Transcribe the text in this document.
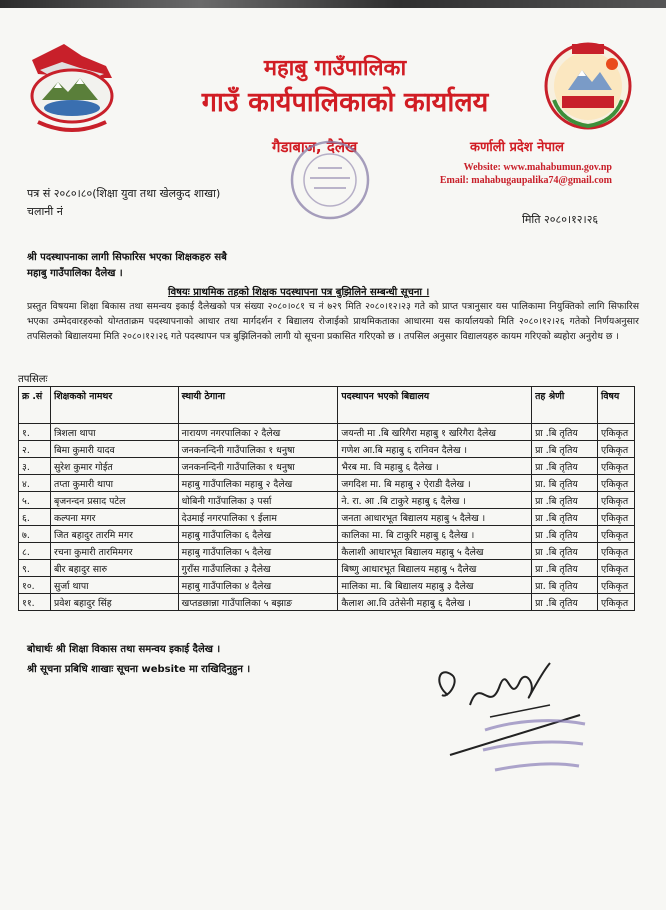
महाबु गाउँपालिका
गाउँ कार्यपालिकाको कार्यालय
गैडाबाज, दैलेख	कर्णाली प्रदेश नेपाल
Website: www.mahabumun.gov.np
Email: mahabugaupalika74@gmail.com
पत्र सं २०८०।८०(शिक्षा युवा तथा खेलकुद शाखा)
चलानी नं
मिति २०८०।१२।२६
श्री पदस्थापनाका लागी सिफारिस भएका शिक्षकहरु सबै
महाबु गाउँपालिका दैलेख ।
विषयः प्राथमिक तहको शिक्षक पदस्थापना पत्र बुझिलिने सम्बन्धी सूचना ।
प्रस्तुत विषयमा शिक्षा बिकास तथा समन्वय इकाई दैलेखको पत्र संख्या २०८०।०८१ च नं ७२९ मिति २०८०।१२।२३ गते को प्राप्त पत्रानुसार यस पालिकामा नियुक्तिको लागि सिफारिस भएका उम्मेदवारहरुको योग्तताक्रम पदस्थापनाको आधार तथा मार्गदर्शन र बिद्यालय रोजाईको प्राथमिकताका आधारमा यस कार्यालयको मिति २०८०।१२।२६ गतेको निर्णयअनुसार तपसिलको बिद्यालयमा मिति २०८०।१२।२६ गते पदस्थापन पत्र बुझिलिनको लागी यो सूचना प्रकासित गरिएको छ । तपसिल अनुसार विद्यालयहरु कायम गरिएको ब्यहोरा अनुरोध छ ।
तपसिलः
क्र .सं	शिक्षकको नामथर	स्थायी ठेगाना	पदस्थापन भएको बिद्यालय	तह श्रेणी	विषय
१.	त्रिशला थापा	नारायण नगरपालिका २ दैलेख	जयन्ती मा .बि खरिगैरा महाबु १ खरिगैरा दैलेख	प्रा .बि तृतिय	एकिकृत
२.	बिमा कुमारी यादव	जनकनन्दिनी गाउँपालिका १ धनुषा	गणेश आ.बि महाबु ६ रानिवन दैलेख ।	प्रा .बि तृतिय	एकिकृत
३.	सुरेश कुमार गोईत	जनकनन्दिनी गाउँपालिका १ धनुषा	भैरब मा. वि महाबु ६ दैलेख ।	प्रा .बि तृतिय	एकिकृत
४.	तप्ता कुमारी थापा	महाबु गाउँपालिका महाबु २ दैलेख	जगदिश मा. बि महाबु २ ऐराडी दैलेख ।	प्रा. बि तृतिय	एकिकृत
५.	बृजनन्दन प्रसाद पटेल	धोबिनी गाउँपालिका ३ पर्सा	ने. रा. आ .बि टाकुरे महाबु ६ दैलेख ।	प्रा .बि तृतिय	एकिकृत
६.	कल्पना मगर	देउमाई नगरपालिका ९ ईलाम	जनता आधारभूत बिद्यालय महाबु ५ दैलेख ।	प्रा .बि तृतिय	एकिकृत
७.	जित बहादुर तारमि मगर	महाबु गाउँपालिका ६ दैलेख	कालिका मा. बि टाकुरि महाबु ६ दैलेख ।	प्रा .बि तृतिय	एकिकृत
८.	रचना कुमारी तारमिमगर	महाबु गाउँपालिका ५ दैलेख	कैलाशी आधारभूत बिद्यालय महाबु ५ दैलेख	प्रा .बि तृतिय	एकिकृत
९.	बीर बहादुर सारु	गुराँस गाउँपालिका ३ दैलेख	बिष्णु आधारभूत बिद्यालय महाबु ५ दैलेख	प्रा .बि तृतिय	एकिकृत
१०.	सुर्जा थापा	महाबु गाउँपालिका ४ दैलेख	मालिका मा. बि बिद्यालय महाबु ३ दैलेख	प्रा. बि तृतिय	एकिकृत
११.	प्रवेश बहादुर सिंह	खप्तडछान्ना गाउँपालिका ५ बझाङ	कैलाश आ.वि उतेसेनी महाबु ६ दैलेख ।	प्रा .बि तृतिय	एकिकृत
बोधार्थः श्री शिक्षा विकास तथा समन्वय इकाई दैलेख ।
श्री सूचना प्रबिधि शाखाः सूचना website मा राखिदिनुहुन ।
